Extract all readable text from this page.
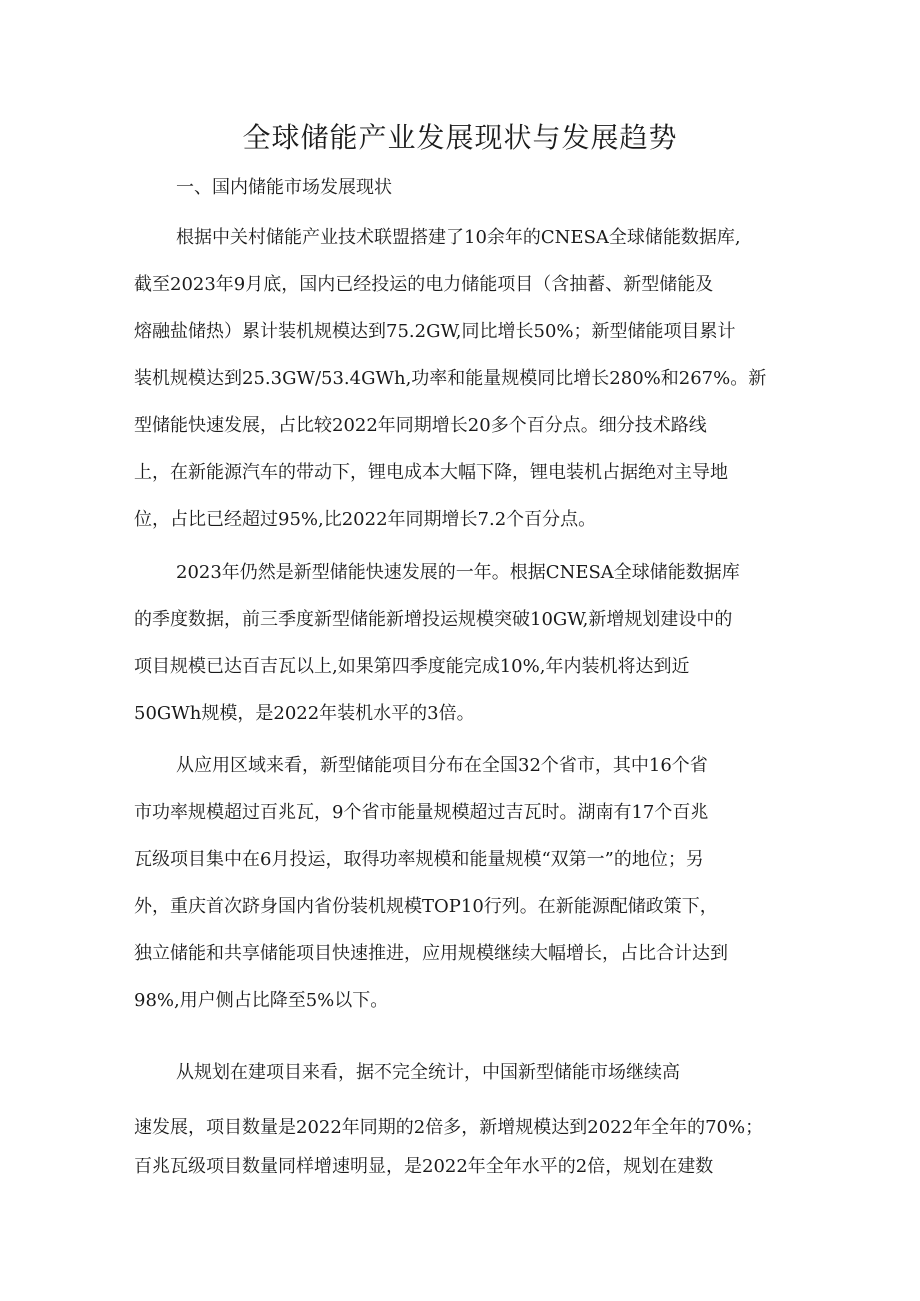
全球储能产业发展现状与发展趋势
一、国内储能市场发展现状

根据中关村储能产业技术联盟搭建了10余年的CNESA全球储能数据库,

截至2023年9月底，国内已经投运的电力储能项目（含抽蓄、新型储能及

熔融盐储热）累计装机规模达到75.2GW,同比增长50%；新型储能项目累计

装机规模达到25.3GW/53.4GWh,功率和能量规模同比增长280%和267%。新

型储能快速发展，占比较2022年同期增长20多个百分点。细分技术路线

上，在新能源汽车的带动下，锂电成本大幅下降，锂电装机占据绝对主导地

位，占比已经超过95%,比2022年同期增长7.2个百分点。

2023年仍然是新型储能快速发展的一年。根据CNESA全球储能数据库

的季度数据，前三季度新型储能新增投运规模突破10GW,新增规划建设中的

项目规模已达百吉瓦以上,如果第四季度能完成10%,年内装机将达到近

50GWh规模，是2022年装机水平的3倍。

从应用区域来看，新型储能项目分布在全国32个省市，其中16个省

市功率规模超过百兆瓦，9个省市能量规模超过吉瓦时。湖南有17个百兆

瓦级项目集中在6月投运，取得功率规模和能量规模“双第一”的地位；另

外，重庆首次跻身国内省份装机规模TOP10行列。在新能源配储政策下，

独立储能和共享储能项目快速推进，应用规模继续大幅增长，占比合计达到

98%,用户侧占比降至5%以下。

从规划在建项目来看，据不完全统计，中国新型储能市场继续高

速发展，项目数量是2022年同期的2倍多，新增规模达到2022年全年的70%；

百兆瓦级项目数量同样增速明显，是2022年全年水平的2倍，规划在建数
